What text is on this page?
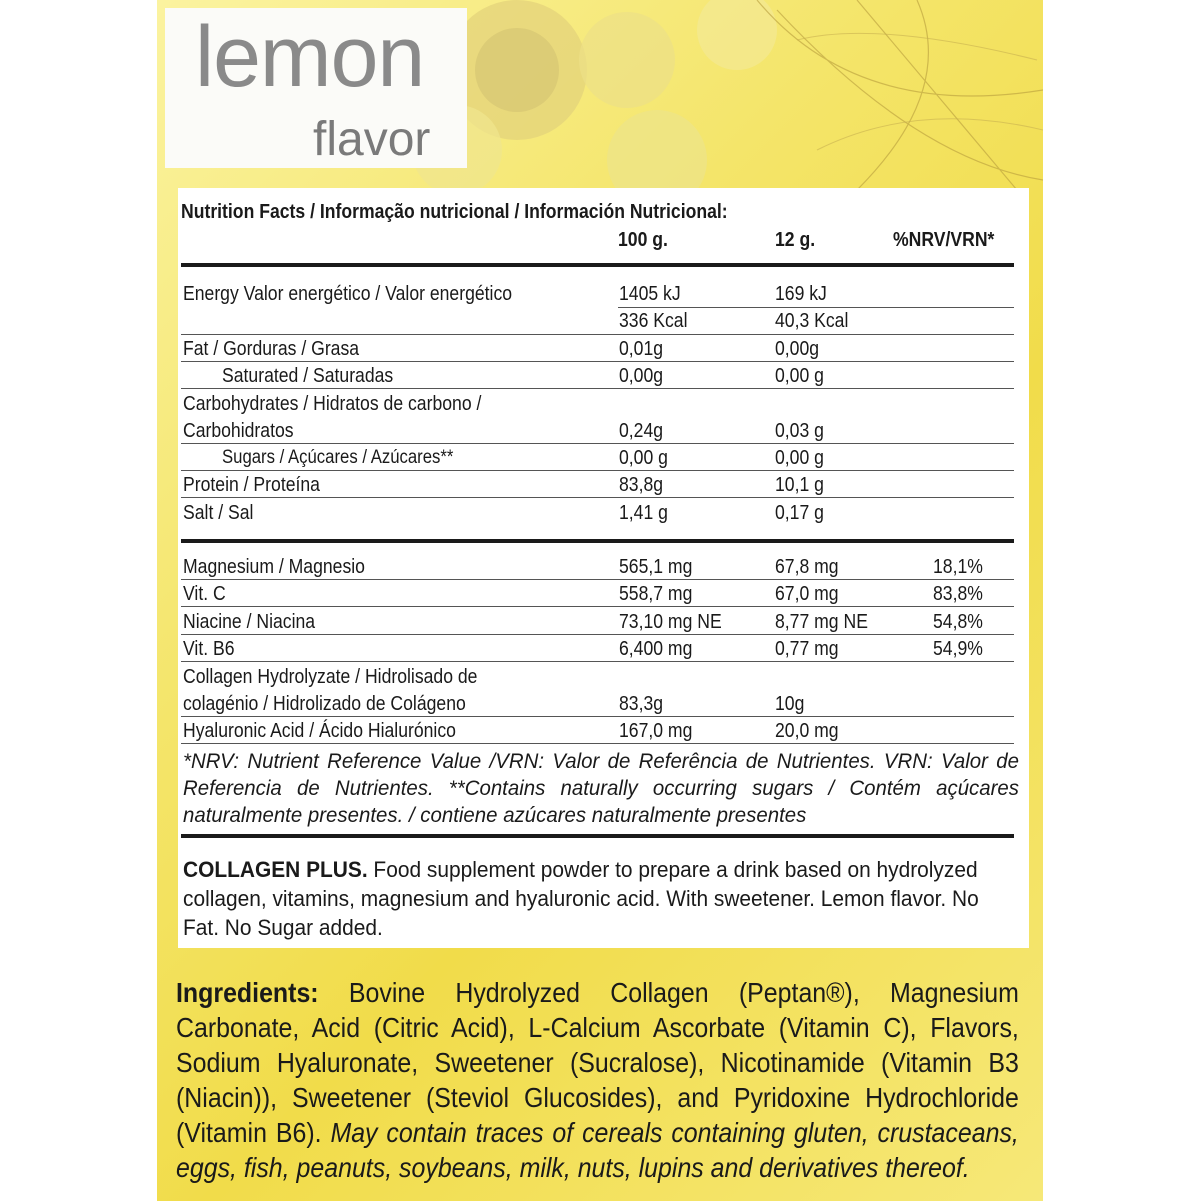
lemon
flavor
Nutrition Facts / Informação nutricional / Información Nutricional:
100 g.	12 g.	%NRV/VRN*
Energy Valor energético / Valor energético	1405 kJ	169 kJ
336 Kcal	40,3 Kcal
Fat / Gorduras / Grasa	0,01g	0,00g
Saturated / Saturadas	0,00g	0,00 g
Carbohydrates / Hidratos de carbono /
Carbohidratos	0,24g	0,03 g
Sugars / Açúcares / Azúcares**	0,00 g	0,00 g
Protein / Proteína	83,8g	10,1 g
Salt / Sal	1,41 g	0,17 g
Magnesium / Magnesio	565,1 mg	67,8 mg	18,1%
Vit. C	558,7 mg	67,0 mg	83,8%
Niacine / Niacina	73,10 mg NE	8,77 mg NE	54,8%
Vit. B6	6,400 mg	0,77 mg	54,9%
Collagen Hydrolyzate / Hidrolisado de
colagénio / Hidrolizado de Colágeno	83,3g	10g
Hyaluronic Acid / Ácido Hialurónico	167,0 mg	20,0 mg
*NRV: Nutrient Reference Value /VRN: Valor de Referência de Nutrientes. VRN: Valor de Referencia de Nutrientes. **Contains naturally occurring sugars / Contém açúcares naturalmente presentes. / contiene azúcares naturalmente presentes
COLLAGEN PLUS. Food supplement powder to prepare a drink based on hydrolyzed collagen, vitamins, magnesium and hyaluronic acid. With sweetener. Lemon flavor. No Fat. No Sugar added.
Ingredients: Bovine Hydrolyzed Collagen (Peptan®), Magnesium Carbonate, Acid (Citric Acid), L-Calcium Ascorbate (Vitamin C), Flavors, Sodium Hyaluronate, Sweetener (Sucralose), Nicotinamide (Vitamin B3 (Niacin)), Sweetener (Steviol Glucosides), and Pyridoxine Hydrochloride (Vitamin B6). May contain traces of cereals containing gluten, crustaceans, eggs, fish, peanuts, soybeans, milk, nuts, lupins and derivatives thereof.
